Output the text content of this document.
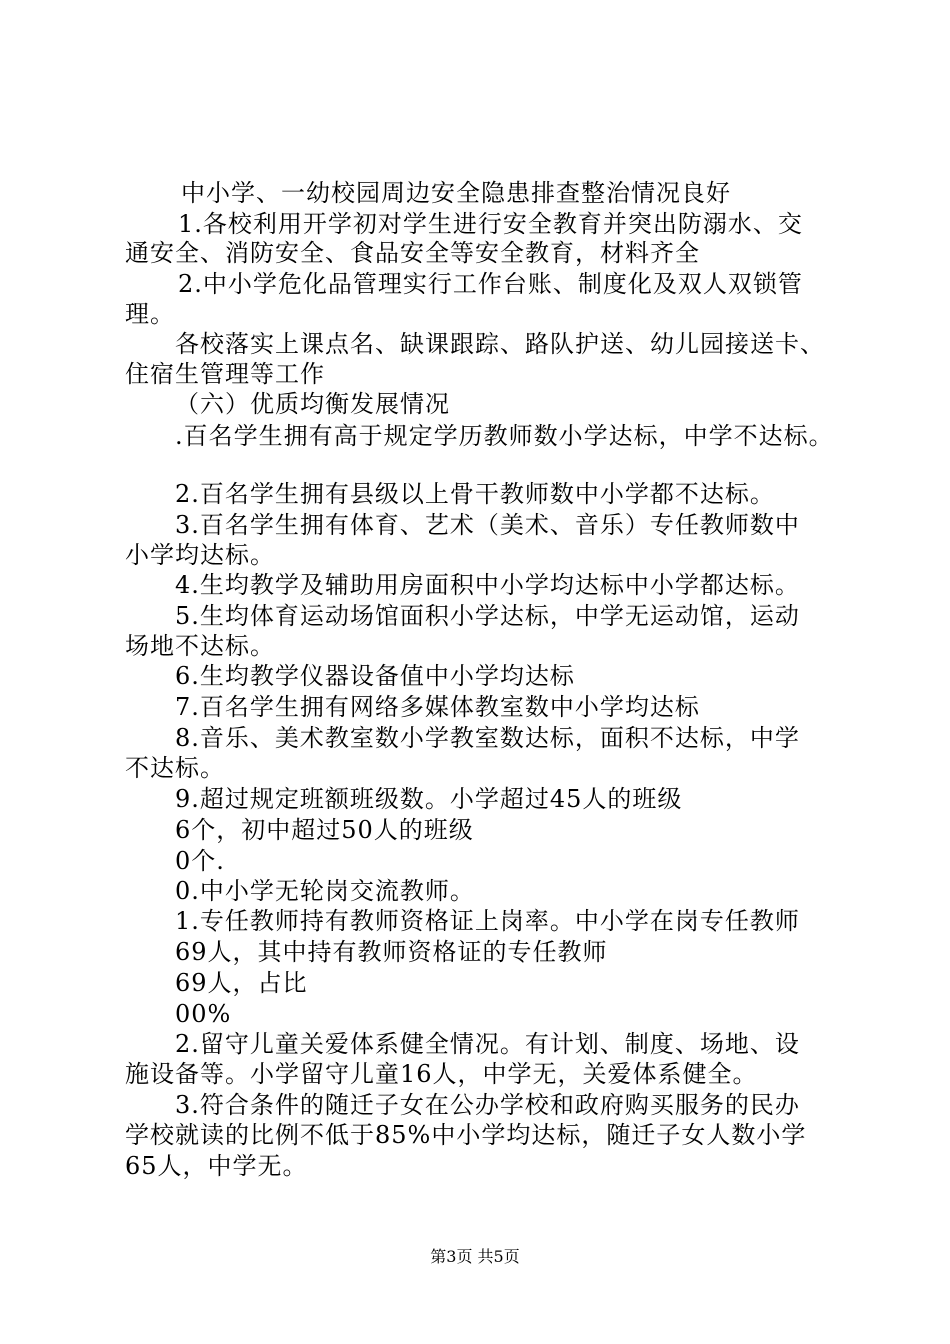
中小学、一幼校园周边安全隐患排查整治情况良好
1.各校利用开学初对学生进行安全教育并突出防溺水、交
通安全、消防安全、食品安全等安全教育，材料齐全
2.中小学危化品管理实行工作台账、制度化及双人双锁管
理。
各校落实上课点名、缺课跟踪、路队护送、幼儿园接送卡、
住宿生管理等工作
（六）优质均衡发展情况
.百名学生拥有高于规定学历教师数小学达标，中学不达标。
2.百名学生拥有县级以上骨干教师数中小学都不达标。
3.百名学生拥有体育、艺术（美术、音乐）专任教师数中
小学均达标。
4.生均教学及辅助用房面积中小学均达标中小学都达标。
5.生均体育运动场馆面积小学达标，中学无运动馆，运动
场地不达标。
6.生均教学仪器设备值中小学均达标
7.百名学生拥有网络多媒体教室数中小学均达标
8.音乐、美术教室数小学教室数达标，面积不达标，中学
不达标。
9.超过规定班额班级数。小学超过45人的班级
6个，初中超过50人的班级
0个.
0.中小学无轮岗交流教师。
1.专任教师持有教师资格证上岗率。中小学在岗专任教师
69人，其中持有教师资格证的专任教师
69人，占比
00%
2.留守儿童关爱体系健全情况。有计划、制度、场地、设
施设备等。小学留守儿童16人，中学无，关爱体系健全。
3.符合条件的随迁子女在公办学校和政府购买服务的民办
学校就读的比例不低于85%中小学均达标，随迁子女人数小学
65人，中学无。
第3页 共5页
